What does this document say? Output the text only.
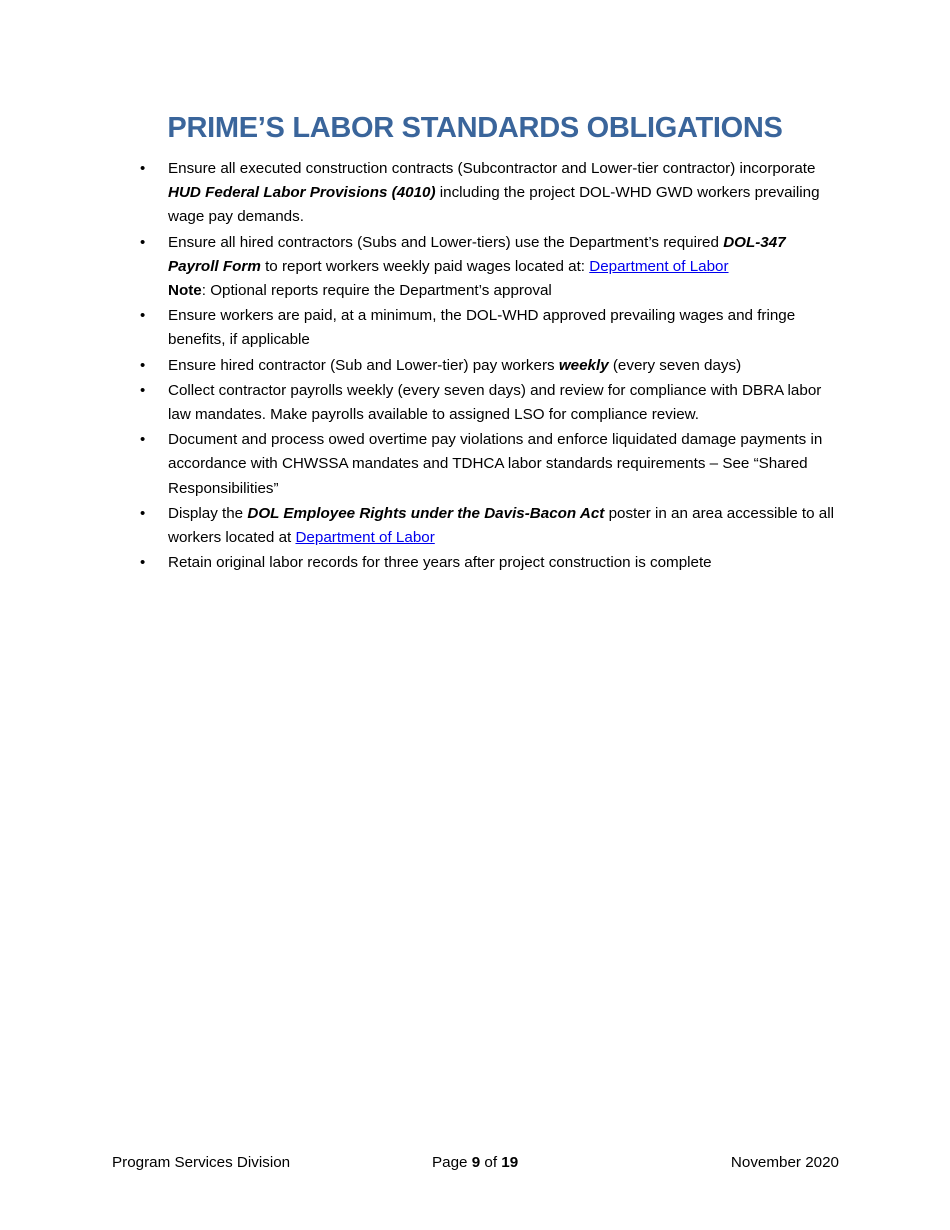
PRIME’S LABOR STANDARDS OBLIGATIONS
•	Ensure all executed construction contracts (Subcontractor and Lower-tier contractor) incorporate HUD Federal Labor Provisions (4010) including the project DOL-WHD GWD workers prevailing wage pay demands.
•	Ensure all hired contractors (Subs and Lower-tiers) use the Department’s required DOL-347 Payroll Form to report workers weekly paid wages located at: Department of Labor
Note: Optional reports require the Department’s approval
•	Ensure workers are paid, at a minimum, the DOL-WHD approved prevailing wages and fringe benefits, if applicable
•	Ensure hired contractor (Sub and Lower-tier) pay workers weekly (every seven days)
•	Collect contractor payrolls weekly (every seven days) and review for compliance with DBRA labor law mandates. Make payrolls available to assigned LSO for compliance review.
•	Document and process owed overtime pay violations and enforce liquidated damage payments in accordance with CHWSSA mandates and TDHCA labor standards requirements – See “Shared Responsibilities”
•	Display the DOL Employee Rights under the Davis-Bacon Act poster in an area accessible to all workers located at Department of Labor
•	Retain original labor records for three years after project construction is complete
Program Services Division	Page 9 of 19	November 2020
